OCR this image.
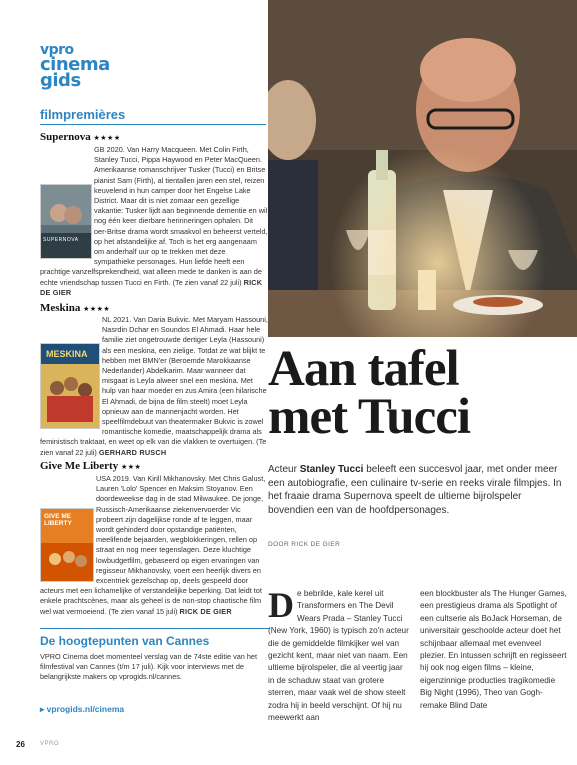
vpro
cinema
gids
filmpremières
Supernova ★★★★
SUPERNOVA
GB 2020. Van Harry Macqueen. Met Colin Firth, Stanley Tucci, Pippa Haywood en Peter MacQueen. Amerikaanse romanschrijver Tusker (Tucci) en Britse pianist Sam (Firth), al tientallen jaren een stel, reizen keuvelend in hun camper door het Engelse Lake District. Maar dit is niet zomaar een gezellige vakantie: Tusker lijdt aan beginnende dementie en wil nog één keer dierbare herinneringen ophalen. Dit oer-Britse drama wordt smaakvol en beheerst verteld, op het afstandelijke af. Toch is het erg aangenaam om anderhalf uur op te trekken met deze sympathieke personages. Hun liefde heeft een prachtige vanzelfsprekendheid, wat alleen mede te danken is aan de echte vriendschap tussen Tucci en Firth. (Te zien vanaf 22 juli) RICK DE GIER
Meskina ★★★★
MESKINA
NL 2021. Van Daria Bukvic. Met Maryam Hassouni, Nasrdin Dchar en Soundos El Ahmadi. Haar hele familie ziet ongetrouwde dertiger Leyla (Hassouni) als een meskina, een zielige. Totdat ze wat blijkt te hebben met BMN'er (Beroemde Marokkaanse Nederlander) Abdelkarim. Maar wanneer dat misgaat is Leyla alweer snel een meskina. Met hulp van haar moeder en zus Amira (een hilarische El Ahmadi, de bijna de film steelt) moet Leyla opnieuw aan de mannenjacht worden. Het speelfilmdebuut van theatermaker Bukvic is zowel romantische komedie, maatschappelijk drama als feministisch traktaat, en weet op elk van die vlakken te overtuigen. (Te zien vanaf 22 juli) GERHARD RUSCH
Give Me Liberty ★★★
GIVE ME LIBERTY
USA 2019. Van Kirill Mikhanovsky. Met Chris Galust, Lauren 'Lolo' Spencer en Maksim Stoyanov. Een doordeweekse dag in de stad Milwaukee. De jonge, Russisch-Amerikaanse ziekenvervoerder Vic probeert zijn dagelijkse ronde af te leggen, maar wordt gehinderd door opstandige patiënten, meelifende bejaarden, wegblokkeringen, rellen op straat en nog meer tegenslagen. Deze kluchtige lowbudgetfilm, gebaseerd op eigen ervaringen van regisseur Mikhanovsky, voert een heerlijk divers en excentriek gezelschap op, deels gespeeld door acteurs met een lichamelijke of verstandelijke beperking. Dat leidt tot enkele prachtscènes, maar als geheel is de non-stop chaotische film wel wat vermoeiend. (Te zien vanaf 15 juli) RICK DE GIER
De hoogtepunten van Cannes
VPRO Cinema doet momenteel verslag van de 74ste editie van het filmfestival van Cannes (t/m 17 juli). Kijk voor interviews met de belangrijkste makers op vprogids.nl/cannes.
▸ vprogids.nl/cinema
26	VPRO
Aan tafel
met Tucci
Acteur Stanley Tucci beleeft een succesvol jaar, met onder meer een autobiografie, een culinaire tv-serie en reeks virale filmpjes. In het fraaie drama Supernova speelt de ultieme bijrolspeler bovendien een van de hoofdpersonages.
DOOR RICK DE GIER
De bebrilde, kale kerel uit Transformers en The Devil Wears Prada – Stanley Tucci (New York, 1960) is typisch zo'n acteur die de gemiddelde filmkijker wel van gezicht kent, maar niet van naam. Een ultieme bijrolspeler, die al veertig jaar in de schaduw staat van grotere sterren, maar vaak wel de show steelt zodra hij in beeld verschijnt. Of hij nu meewerkt aan
een blockbuster als The Hunger Games, een prestigieus drama als Spotlight of een cultserie als BoJack Horseman, de universitair geschoolde acteur doet het schijnbaar allemaal met evenveel plezier. En intussen schrijft en regisseert hij ook nog eigen films – kleine, eigenzinnige producties tragikomedie Big Night (1996), Theo van Gogh-remake Blind Date
